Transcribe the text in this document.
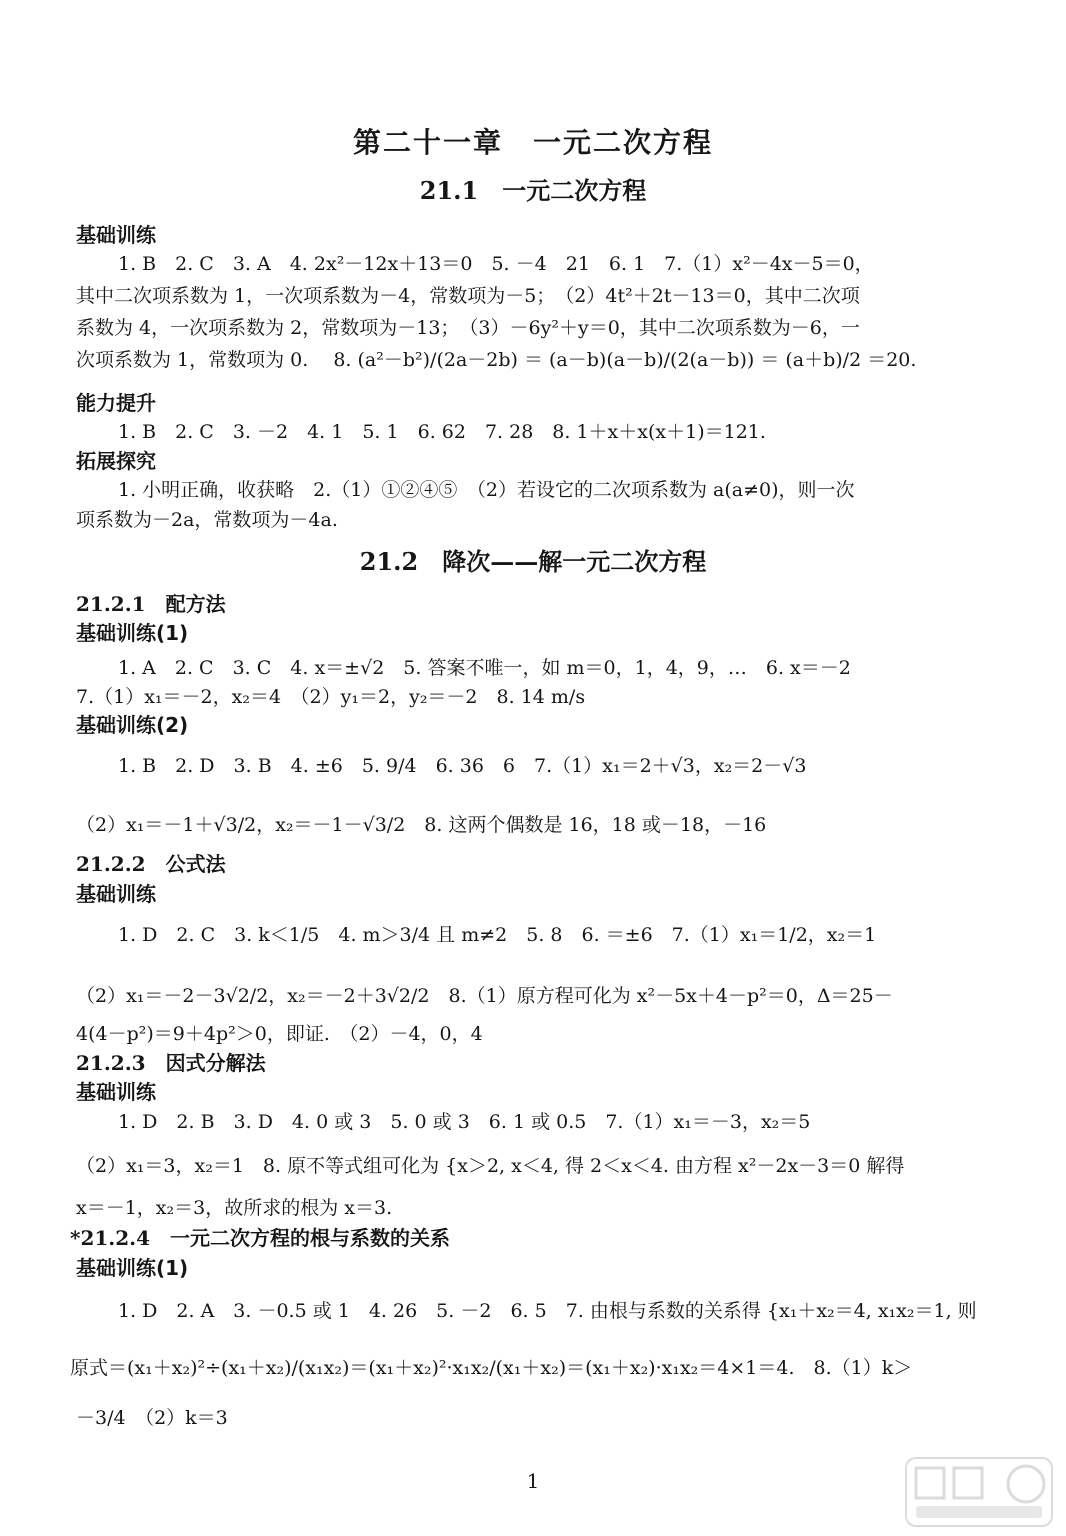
第二十一章　一元二次方程
21.1　一元二次方程
基础训练
1. B　2. C　3. A　4. 2x²－12x＋13＝0　5. －4　21　6. 1　7.（1）x²－4x－5＝0，
其中二次项系数为 1，一次项系数为－4，常数项为－5；　（2）4t²＋2t－13＝0，其中二次项
系数为 4，一次项系数为 2，常数项为－13；　（3）－6y²＋y＝0，其中二次项系数为－6，一
次项系数为 1，常数项为 0.　 8. (a²－b²)/(2a－2b) ＝ (a－b)(a－b)/(2(a－b)) ＝ (a＋b)/2 ＝20.
能力提升
1. B　2. C　3. －2　4. 1　5. 1　6. 62　7. 28　8. 1＋x＋x(x＋1)＝121.
拓展探究
1. 小明正确，收获略　2.（1）①②④⑤　（2）若设它的二次项系数为 a(a≠0)，则一次
项系数为－2a，常数项为－4a.
21.2　降次——解一元二次方程
21.2.1　配方法
基础训练(1)
1. A　2. C　3. C　4. x＝±√2　5. 答案不唯一，如 m＝0，1，4，9，…　6. x＝－2
7.（1）x₁＝－2，x₂＝4　（2）y₁＝2，y₂＝－2　8. 14 m/s
基础训练(2)
1. B　2. D　3. B　4. ±6　5. 9/4　6. 36　6　7.（1）x₁＝2＋√3，x₂＝2－√3
（2）x₁＝－1＋√3/2，x₂＝－1－√3/2　8. 这两个偶数是 16，18 或－18，－16
21.2.2　公式法
基础训练
1. D　2. C　3. k＜1/5　4. m＞3/4 且 m≠2　5. 8　6. ＝±6　7.（1）x₁＝1/2，x₂＝1
（2）x₁＝－2－3√2/2，x₂＝－2＋3√2/2　8.（1）原方程可化为 x²－5x＋4－p²＝0，Δ＝25－
4(4－p²)＝9＋4p²＞0，即证.　（2）－4，0，4
21.2.3　因式分解法
基础训练
1. D　2. B　3. D　4. 0 或 3　5. 0 或 3　6. 1 或 0.5　7.（1）x₁＝－3，x₂＝5
（2）x₁＝3，x₂＝1　8. 原不等式组可化为 {x＞2, x＜4, 得 2＜x＜4. 由方程 x²－2x－3＝0 解得
x＝－1，x₂＝3，故所求的根为 x＝3.
*21.2.4　一元二次方程的根与系数的关系
基础训练(1)
1. D　2. A　3. －0.5 或 1　4. 26　5. －2　6. 5　7. 由根与系数的关系得 {x₁＋x₂＝4, x₁x₂＝1, 则
原式＝(x₁＋x₂)²÷(x₁＋x₂)/(x₁x₂)＝(x₁＋x₂)²·x₁x₂/(x₁＋x₂)＝(x₁＋x₂)·x₁x₂＝4×1＝4.　8.（1）k＞
－3/4　（2）k＝3
1
